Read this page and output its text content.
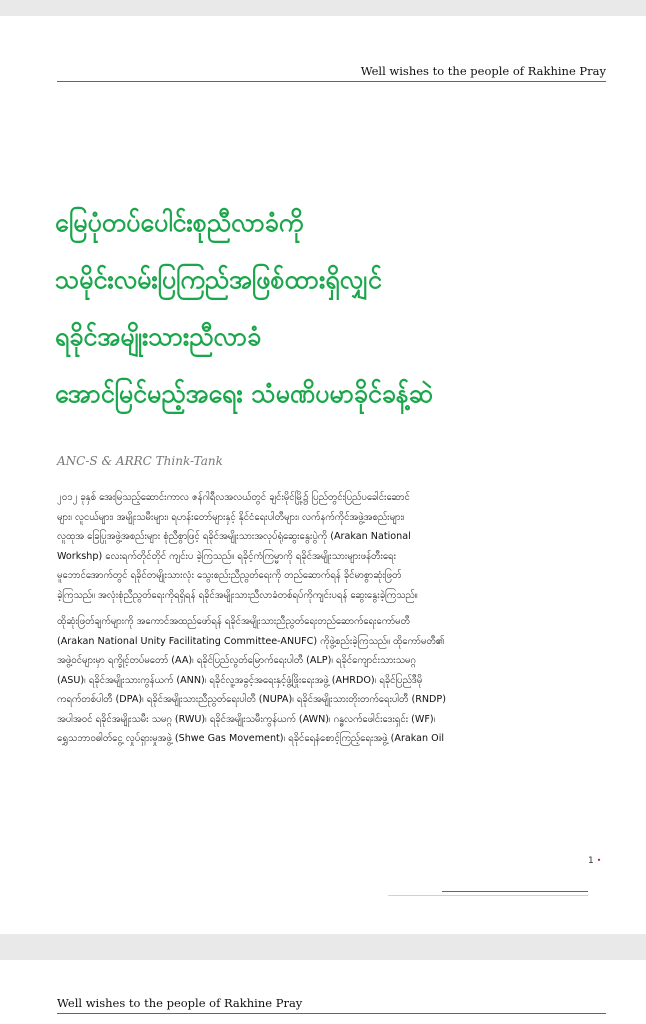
Well wishes to the people of Rakhine Pray
မြေပုံတပ်ပေါင်းစုညီလာခံကို
သမိုင်းလမ်းပြကြည်အဖြစ်ထားရှိလျှင်
ရခိုင်အမျိုးသားညီလာခံ
အောင်မြင်မည့်အရေး သံမဏိပမာခိုင်ခန့်ဆဲ
ANC-S & ARRC Think-Tank

၂၀၁၂ ခုနှစ် အေးမြသည့်ဆောင်းကာလ ဇန်ဂါရီလအလယ်တွင် ချင်းမိုင်မြို့၌ ပြည်တွင်းပြည်ပခေါင်းဆောင်
များ၊ လူငယ်များ၊ အမျိုးသမီးများ၊ ရဟန်းတော်များနှင့် နိုင်ငံရေးပါတီများ၊ လက်နက်ကိုင်အဖွဲ့အစည်းများ၊
လူထုအ ခြေပြုအဖွဲ့အစည်းများ စုံညီစွာဖြင့် ရခိုင်အမျိုးသားအလုပ်ရုံဆွေးနွေးပွဲကို (Arakan National
Workshp) လေးရက်တိုင်တိုင် ကျင်းပ ခဲ့ကြသည်။ ရခိုင့်ကံကြမ္မာကို ရခိုင်အမျိုးသားများဖန်တီးရေး
မူဘောင်အောက်တွင် ရခိုင်တမျိုးသားလုံး သွေးစည်းညီညွတ်ရေးကို တည်ဆောက်ရန် ခိုင်မာစွာဆုံးဖြတ်
ခဲ့ကြသည်။ အလုံးစုံညီညွတ်ရေးကိုရရှိရန် ရခိုင်အမျိုးသားညီလာခံတစ်ရပ်ကိုကျင်းပရန် ဆွေးနွေးခဲ့ကြသည်။

ထိုဆုံးဖြတ်ချက်များကို အကောင်အထည်ဖော်ရန် ရခိုင်အမျိုးသားညီညွတ်ရေးတည်ဆောက်ရေးကော်မတီ
(Arakan National Unity Facilitating Committee-ANUFC) ကိုဖွဲ့စည်းခဲ့ကြသည်။ ထိုကော်မတီ၏
အဖွဲ့ဝင်များမှာ ရက္ခိုင့်တပ်မတော် (AA)၊ ရခိုင်ပြည်လွတ်မြောက်ရေးပါတီ (ALP)၊ ရခိုင်ကျောင်းသားသမဂ္ဂ
(ASU)၊ ရခိုင်အမျိုးသားကွန်ယက် (ANN)၊ ရခိုင်လူ့အခွင့်အရေးနှင့်ဖွံ့ဖြိုးရေးအဖွဲ့ (AHRDO)၊ ရခိုင်ပြည်ဒီမို
ကရက်တစ်ပါတီ (DPA)၊ ရခိုင်အမျိုးသားညီညွတ်ရေးပါတီ (NUPA)၊ ရခိုင်အမျိုးသားတိုးတက်ရေးပါတီ (RNDP)
အပါအဝင် ရခိုင်အမျိုးသမီး သမဂ္ဂ (RWU)၊ ရခိုင်အမျိုးသမီးကွန်ယက် (AWN)၊ ဂန္ဓလက်ဖေါင်းဒေးရှင်း (WF)၊
ရွှေသဘာဝဓါတ်ငွေ့ လှုပ်ရှားမှုအဖွဲ့ (Shwe Gas Movement)၊ ရခိုင်ရေနံစောင့်ကြည့်ရေးအဖွဲ့ (Arakan Oil

1 •
Well wishes to the people of Rakhine Pray
